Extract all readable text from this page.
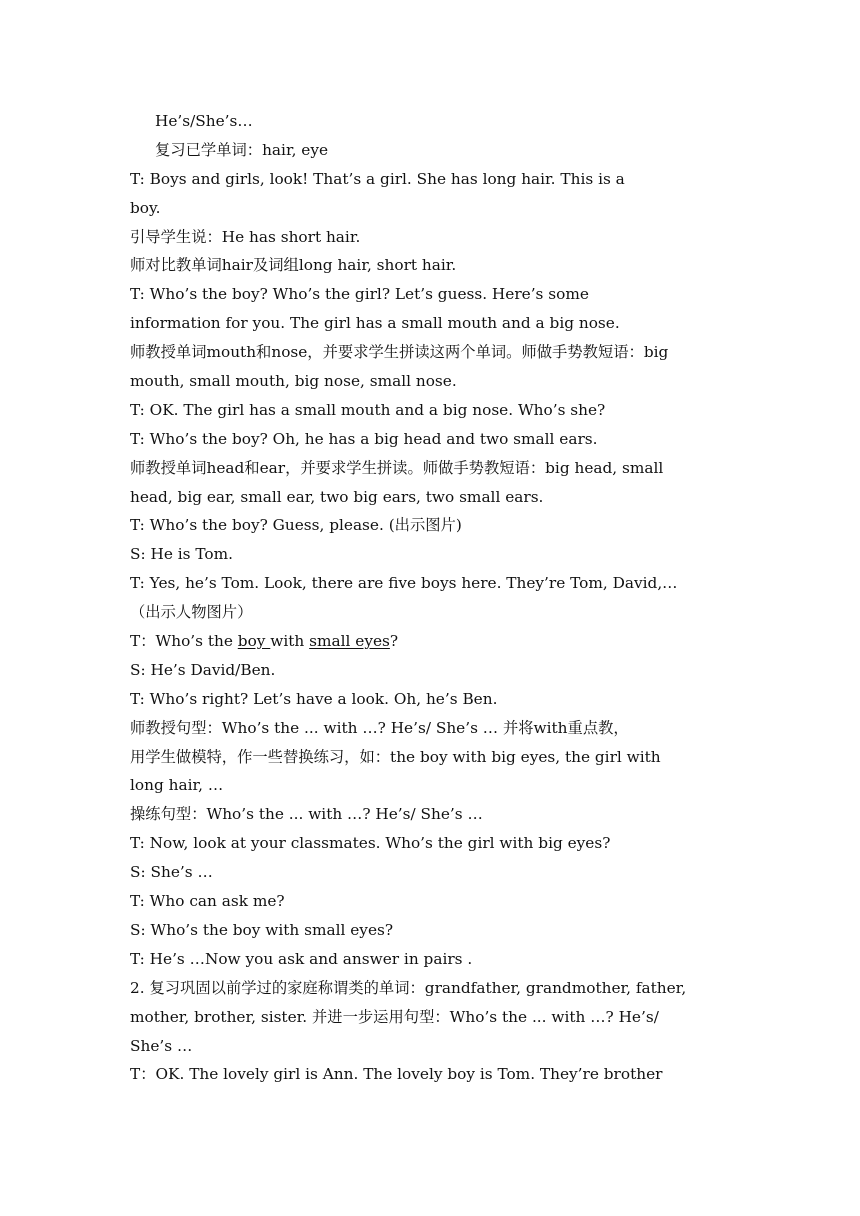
He’s/She’s…
复习已学单词：hair, eye
T: Boys and girls, look! That’s a girl. She has long hair. This is a
boy.
引导学生说：He has short hair.
师对比教单词hair及词组long hair, short hair.
T: Who’s the boy? Who’s the girl? Let’s guess. Here’s some
information for you. The girl has a small mouth and a big nose.
师教授单词mouth和nose，并要求学生拼读这两个单词。师做手势教短语：big
mouth, small mouth, big nose, small nose.
T: OK. The girl has a small mouth and a big nose. Who’s she?
T: Who’s the boy? Oh, he has a big head and two small ears.
师教授单词head和ear，并要求学生拼读。师做手势教短语：big head, small
head, big ear, small ear, two big ears, two small ears.
T: Who’s the boy? Guess, please. (出示图片)
S: He is Tom.
T: Yes, he’s Tom. Look, there are five boys here. They’re Tom, David,…
（出示人物图片）
T：Who’s the boy with small eyes?
S: He’s David/Ben.
T: Who’s right? Let’s have a look. Oh, he’s Ben.
师教授句型：Who’s the ... with …? He’s/ She’s … 并将with重点教，
用学生做模特，作一些替换练习，如：the boy with big eyes, the girl with
long hair, …
操练句型：Who’s the ... with …? He’s/ She’s …
T: Now, look at your classmates. Who’s the girl with big eyes?
S: She’s …
T: Who can ask me?
S: Who’s the boy with small eyes?
T: He’s …Now you ask and answer in pairs .
2. 复习巩固以前学过的家庭称谓类的单词：grandfather, grandmother, father,
mother, brother, sister. 并进一步运用句型：Who’s the ... with …? He’s/
She’s …
T：OK. The lovely girl is Ann. The lovely boy is Tom. They’re brother
